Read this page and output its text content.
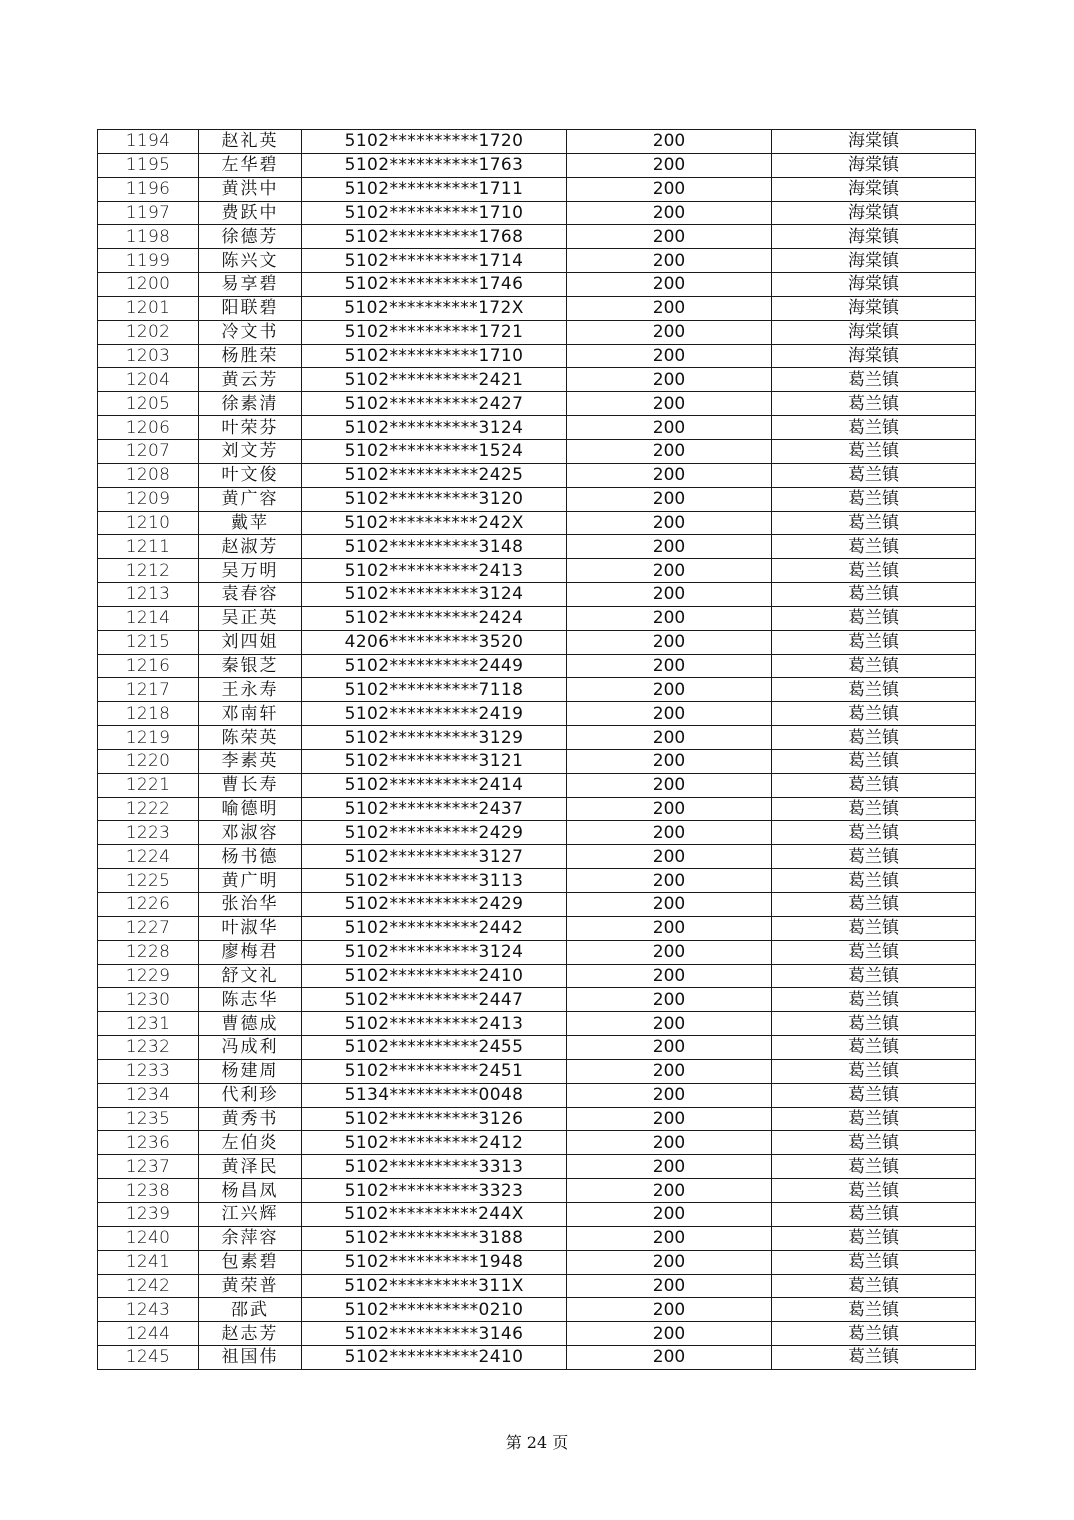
1194	赵礼英	5102**********1720	200	海棠镇
1195	左华碧	5102**********1763	200	海棠镇
1196	黄洪中	5102**********1711	200	海棠镇
1197	费跃中	5102**********1710	200	海棠镇
1198	徐德芳	5102**********1768	200	海棠镇
1199	陈兴文	5102**********1714	200	海棠镇
1200	易享碧	5102**********1746	200	海棠镇
1201	阳联碧	5102**********172X	200	海棠镇
1202	冷文书	5102**********1721	200	海棠镇
1203	杨胜荣	5102**********1710	200	海棠镇
1204	黄云芳	5102**********2421	200	葛兰镇
1205	徐素清	5102**********2427	200	葛兰镇
1206	叶荣芬	5102**********3124	200	葛兰镇
1207	刘文芳	5102**********1524	200	葛兰镇
1208	叶文俊	5102**********2425	200	葛兰镇
1209	黄广容	5102**********3120	200	葛兰镇
1210	戴苹	5102**********242X	200	葛兰镇
1211	赵淑芳	5102**********3148	200	葛兰镇
1212	吴万明	5102**********2413	200	葛兰镇
1213	袁春容	5102**********3124	200	葛兰镇
1214	吴正英	5102**********2424	200	葛兰镇
1215	刘四姐	4206**********3520	200	葛兰镇
1216	秦银芝	5102**********2449	200	葛兰镇
1217	王永寿	5102**********7118	200	葛兰镇
1218	邓南轩	5102**********2419	200	葛兰镇
1219	陈荣英	5102**********3129	200	葛兰镇
1220	李素英	5102**********3121	200	葛兰镇
1221	曹长寿	5102**********2414	200	葛兰镇
1222	喻德明	5102**********2437	200	葛兰镇
1223	邓淑容	5102**********2429	200	葛兰镇
1224	杨书德	5102**********3127	200	葛兰镇
1225	黄广明	5102**********3113	200	葛兰镇
1226	张治华	5102**********2429	200	葛兰镇
1227	叶淑华	5102**********2442	200	葛兰镇
1228	廖梅君	5102**********3124	200	葛兰镇
1229	舒文礼	5102**********2410	200	葛兰镇
1230	陈志华	5102**********2447	200	葛兰镇
1231	曹德成	5102**********2413	200	葛兰镇
1232	冯成利	5102**********2455	200	葛兰镇
1233	杨建周	5102**********2451	200	葛兰镇
1234	代利珍	5134**********0048	200	葛兰镇
1235	黄秀书	5102**********3126	200	葛兰镇
1236	左伯炎	5102**********2412	200	葛兰镇
1237	黄泽民	5102**********3313	200	葛兰镇
1238	杨昌凤	5102**********3323	200	葛兰镇
1239	江兴辉	5102**********244X	200	葛兰镇
1240	余萍容	5102**********3188	200	葛兰镇
1241	包素碧	5102**********1948	200	葛兰镇
1242	黄荣普	5102**********311X	200	葛兰镇
1243	邵武	5102**********0210	200	葛兰镇
1244	赵志芳	5102**********3146	200	葛兰镇
1245	祖国伟	5102**********2410	200	葛兰镇
第 24 页
